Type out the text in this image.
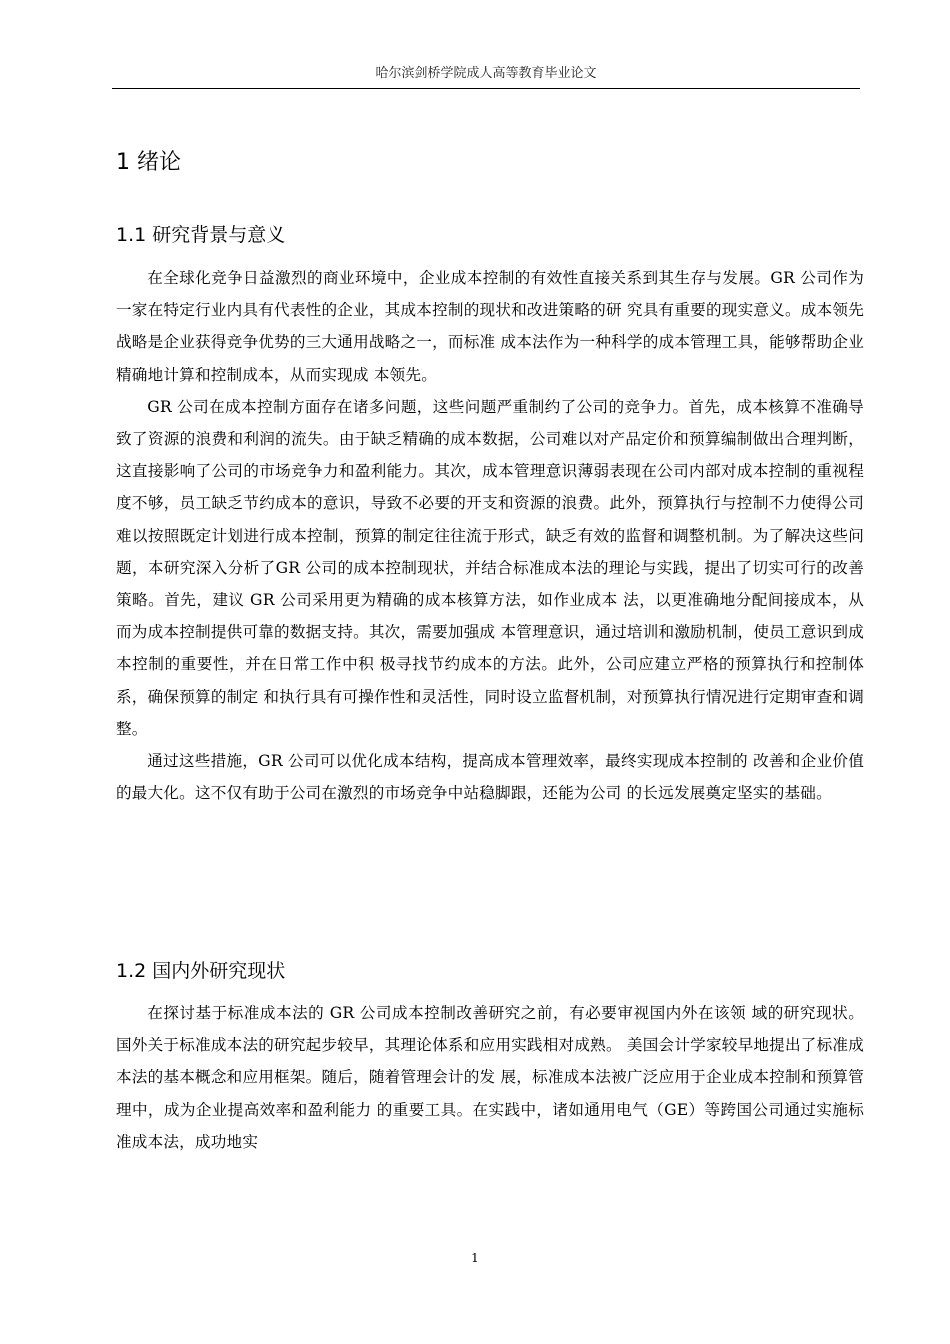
哈尔滨剑桥学院成人高等教育毕业论文
1 绪论
1.1 研究背景与意义

在全球化竞争日益激烈的商业环境中，企业成本控制的有效性直接关系到其生存与发展。GR 公司作为一家在特定行业内具有代表性的企业，其成本控制的现状和改进策略的研 究具有重要的现实意义。成本领先战略是企业获得竞争优势的三大通用战略之一，而标准 成本法作为一种科学的成本管理工具，能够帮助企业精确地计算和控制成本，从而实现成 本领先。

GR 公司在成本控制方面存在诸多问题，这些问题严重制约了公司的竞争力。首先，成本核算不准确导致了资源的浪费和利润的流失。由于缺乏精确的成本数据，公司难以对产品定价和预算编制做出合理判断，这直接影响了公司的市场竞争力和盈利能力。其次，成本管理意识薄弱表现在公司内部对成本控制的重视程度不够，员工缺乏节约成本的意识，导致不必要的开支和资源的浪费。此外，预算执行与控制不力使得公司难以按照既定计划进行成本控制，预算的制定往往流于形式，缺乏有效的监督和调整机制。为了解决这些问题，本研究深入分析了GR 公司的成本控制现状，并结合标准成本法的理论与实践，提出了切实可行的改善策略。首先，建议 GR 公司采用更为精确的成本核算方法，如作业成本 法，以更准确地分配间接成本，从而为成本控制提供可靠的数据支持。其次，需要加强成 本管理意识，通过培训和激励机制，使员工意识到成本控制的重要性，并在日常工作中积 极寻找节约成本的方法。此外，公司应建立严格的预算执行和控制体系，确保预算的制定 和执行具有可操作性和灵活性，同时设立监督机制，对预算执行情况进行定期审查和调整。

通过这些措施，GR 公司可以优化成本结构，提高成本管理效率，最终实现成本控制的 改善和企业价值的最大化。这不仅有助于公司在激烈的市场竞争中站稳脚跟，还能为公司 的长远发展奠定坚实的基础。

1.2 国内外研究现状

在探讨基于标准成本法的 GR 公司成本控制改善研究之前，有必要审视国内外在该领 域的研究现状。国外关于标准成本法的研究起步较早，其理论体系和应用实践相对成熟。 美国会计学家较早地提出了标准成本法的基本概念和应用框架。随后，随着管理会计的发 展，标准成本法被广泛应用于企业成本控制和预算管理中，成为企业提高效率和盈利能力 的重要工具。在实践中，诸如通用电气（GE）等跨国公司通过实施标准成本法，成功地实

1
